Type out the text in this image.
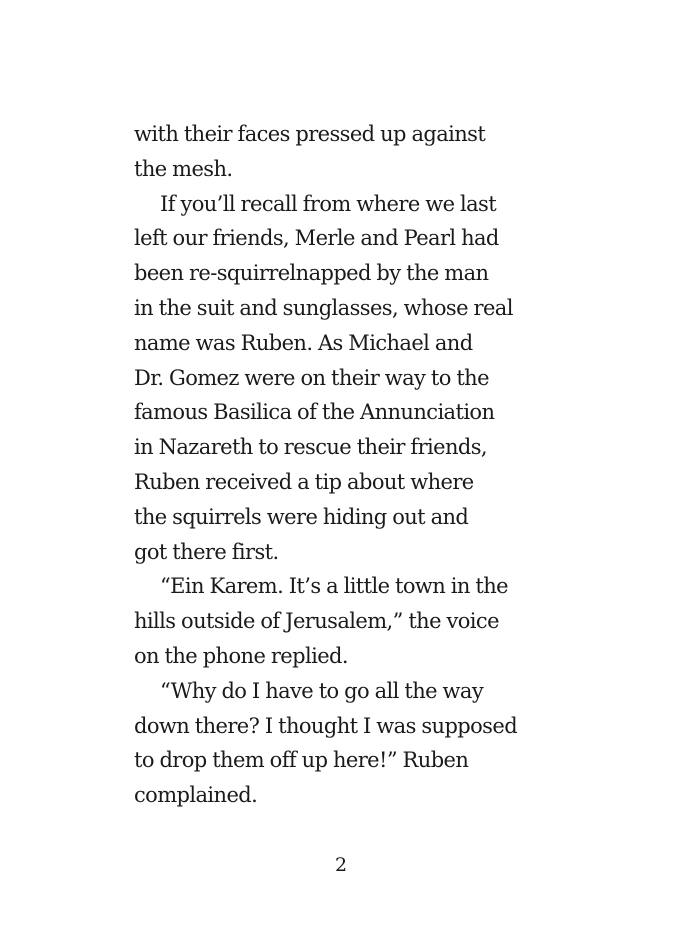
with their faces pressed up against
the mesh.
If you’ll recall from where we last
left our friends, Merle and Pearl had
been re-squirrelnapped by the man
in the suit and sunglasses, whose real
name was Ruben. As Michael and
Dr. Gomez were on their way to the
famous Basilica of the Annunciation
in Nazareth to rescue their friends,
Ruben received a tip about where
the squirrels were hiding out and
got there first.
“Ein Karem. It’s a little town in the
hills outside of Jerusalem,” the voice
on the phone replied.
“Why do I have to go all the way
down there? I thought I was supposed
to drop them off up here!” Ruben
complained.
2
